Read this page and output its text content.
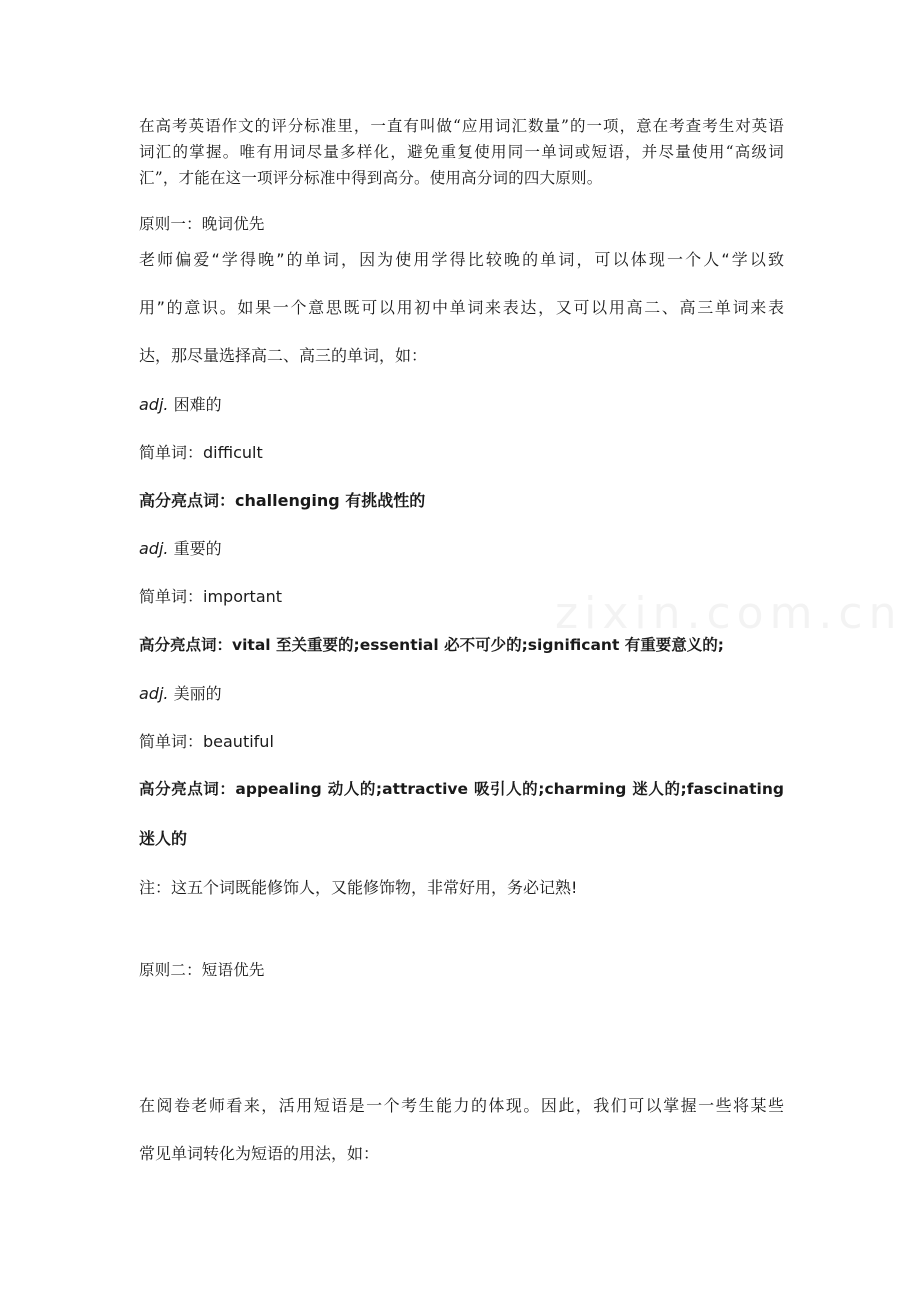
zixin.com.cn
在高考英语作文的评分标准里，一直有叫做“应用词汇数量”的一项，意在考查考生对英语
词汇的掌握。唯有用词尽量多样化，避免重复使用同一单词或短语，并尽量使用“高级词
汇”，才能在这一项评分标准中得到高分。使用高分词的四大原则。
原则一：晚词优先
老师偏爱“学得晚”的单词，因为使用学得比较晚的单词，可以体现一个人“学以致
用”的意识。如果一个意思既可以用初中单词来表达，又可以用高二、高三单词来表
达，那尽量选择高二、高三的单词，如：
adj. 困难的
简单词：difficult
高分亮点词：challenging 有挑战性的
adj. 重要的
简单词：important
高分亮点词：vital 至关重要的;essential 必不可少的;significant 有重要意义的;
adj. 美丽的
简单词：beautiful
高分亮点词：appealing 动人的;attractive 吸引人的;charming 迷人的;fascinating
迷人的
注：这五个词既能修饰人，又能修饰物，非常好用，务必记熟!
原则二：短语优先
在阅卷老师看来，活用短语是一个考生能力的体现。因此，我们可以掌握一些将某些
常见单词转化为短语的用法，如：
